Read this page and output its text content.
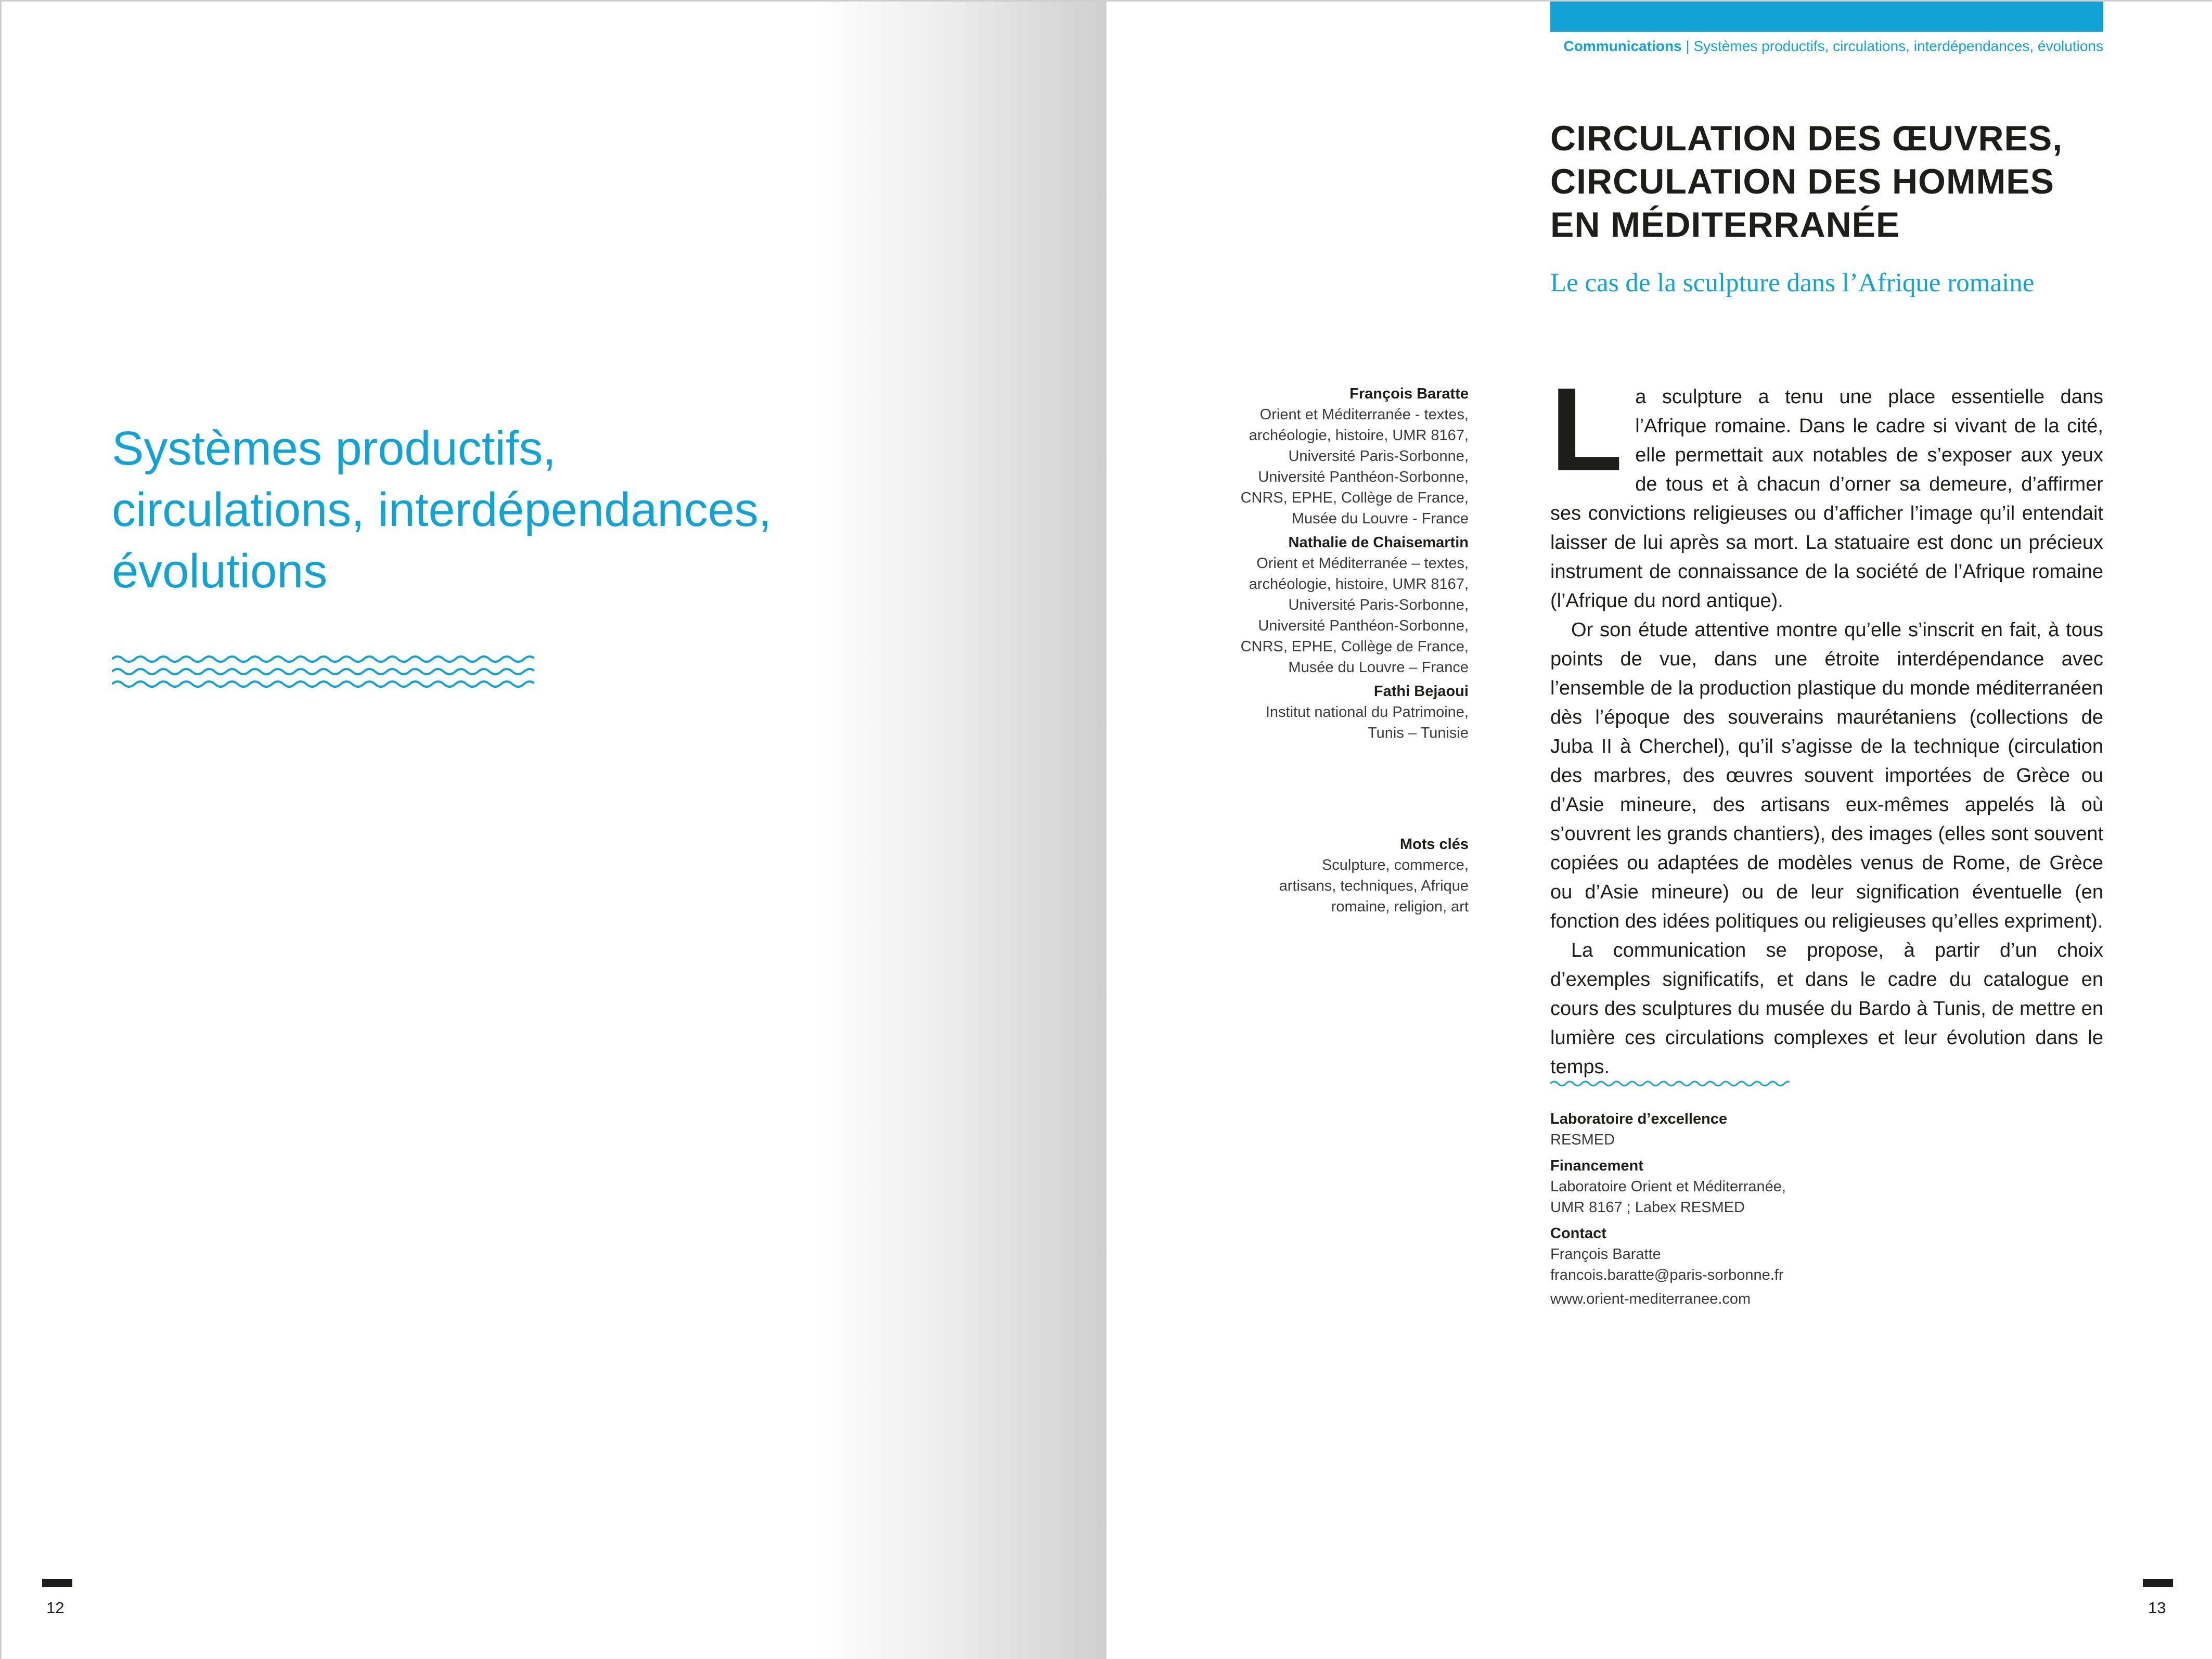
Systèmes productifs,
circulations, interdépendances,
évolutions
12
Communications | Systèmes productifs, circulations, interdépendances, évolutions
CIRCULATION DES ŒUVRES,
CIRCULATION DES HOMMES
EN MÉDITERRANÉE
Le cas de la sculpture dans l’Afrique romaine
François Baratte
Orient et Méditerranée - textes,
archéologie, histoire, UMR 8167,
Université Paris-Sorbonne,
Université Panthéon-Sorbonne,
CNRS, EPHE, Collège de France,
Musée du Louvre - France
Nathalie de Chaisemartin
Orient et Méditerranée – textes,
archéologie, histoire, UMR 8167,
Université Paris-Sorbonne,
Université Panthéon-Sorbonne,
CNRS, EPHE, Collège de France,
Musée du Louvre – France
Fathi Bejaoui
Institut national du Patrimoine,
Tunis – Tunisie
Mots clés
Sculpture, commerce,
artisans, techniques, Afrique
romaine, religion, art

La sculpture a tenu une place essentielle dans l’Afrique romaine. Dans le cadre si vivant de la cité, elle permettait aux notables de s’exposer aux yeux de tous et à chacun d’orner sa demeure, d’affirmer ses convictions religieuses ou d’afficher l’image qu’il entendait laisser de lui après sa mort. La statuaire est donc un précieux instrument de connaissance de la société de l’Afrique romaine (l’Afrique du nord antique).

Or son étude attentive montre qu’elle s’inscrit en fait, à tous points de vue, dans une étroite interdépendance avec l’ensemble de la production plastique du monde méditerranéen dès l’époque des souverains maurétaniens (collections de Juba II à Cherchel), qu’il s’agisse de la technique (circulation des marbres, des œuvres souvent importées de Grèce ou d’Asie mineure, des artisans eux-mêmes appelés là où s’ouvrent les grands chantiers), des images (elles sont souvent copiées ou adaptées de modèles venus de Rome, de Grèce ou d’Asie mineure) ou de leur signification éventuelle (en fonction des idées politiques ou religieuses qu’elles expriment).

La communication se propose, à partir d’un choix d’exemples significatifs, et dans le cadre du catalogue en cours des sculptures du musée du Bardo à Tunis, de mettre en lumière ces circulations complexes et leur évolution dans le temps.

Laboratoire d’excellence
RESMED
Financement
Laboratoire Orient et Méditerranée,
UMR 8167 ; Labex RESMED
Contact
François Baratte
francois.baratte@paris-sorbonne.fr
www.orient-mediterranee.com
13
